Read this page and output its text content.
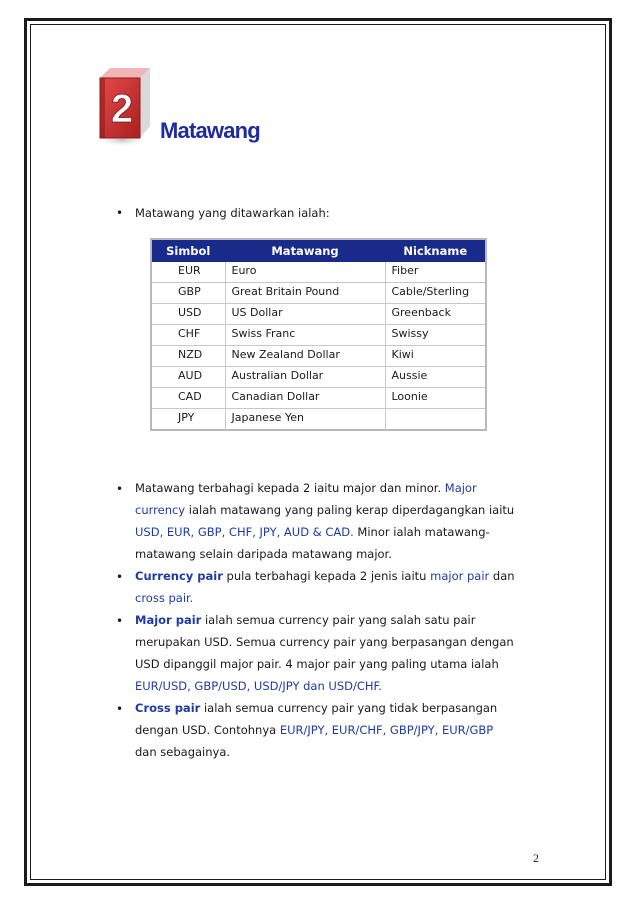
2 Matawang
• Matawang yang ditawarkan ialah:
Simbol	Matawang	Nickname
EUR	Euro	Fiber
GBP	Great Britain Pound	Cable/Sterling
USD	US Dollar	Greenback
CHF	Swiss Franc	Swissy
NZD	New Zealand Dollar	Kiwi
AUD	Australian Dollar	Aussie
CAD	Canadian Dollar	Loonie
JPY	Japanese Yen	
• Matawang terbahagi kepada 2 iaitu major dan minor. Major currency ialah matawang yang paling kerap diperdagangkan iaitu USD, EUR, GBP, CHF, JPY, AUD & CAD. Minor ialah matawang-matawang selain daripada matawang major.

• Currency pair pula terbahagi kepada 2 jenis iaitu major pair dan cross pair.

• Major pair ialah semua currency pair yang salah satu pair merupakan USD. Semua currency pair yang berpasangan dengan USD dipanggil major pair. 4 major pair yang paling utama ialah EUR/USD, GBP/USD, USD/JPY dan USD/CHF.

• Cross pair ialah semua currency pair yang tidak berpasangan dengan USD. Contohnya EUR/JPY, EUR/CHF, GBP/JPY, EUR/GBP dan sebagainya.

2
